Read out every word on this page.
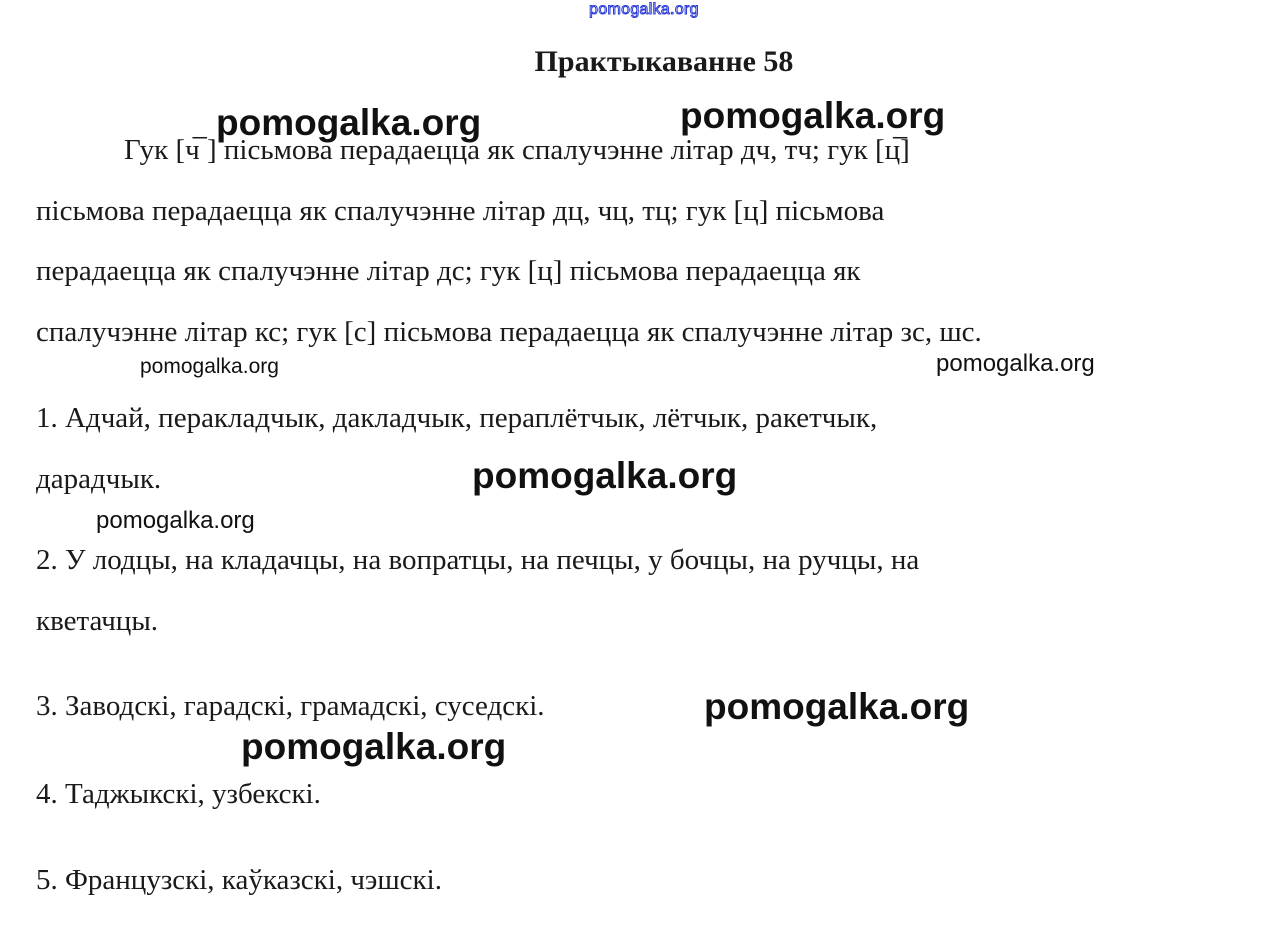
pomogalka.org
Практыкаванне 58
Гук [ч̅ ] пісьмова перадаецца як спалучэнне літар дч, тч; гук [ц̅]
пісьмова перадаецца як спалучэнне літар дц, чц, тц; гук [ц] пісьмова
перадаецца як спалучэнне літар дс; гук [ц] пісьмова перадаецца як
спалучэнне літар кс; гук [с] пісьмова перадаецца як спалучэнне літар зс, шс.
1. Адчай, перакладчык, дакладчык, пераплётчык, лётчык, ракетчык,
дарадчык.
2. У лодцы, на кладачцы, на вопратцы, на печцы, у бочцы, на ручцы, на
кветачцы.
3. Заводскі, гарадскі, грамадскі, суседскі.
4. Таджыкскі, узбекскі.
5. Французскі, каўказскі, чэшскі.
pomogalka.org	pomogalka.org
pomogalka.org	pomogalka.org
pomogalka.org
pomogalka.org
pomogalka.org
pomogalka.org
